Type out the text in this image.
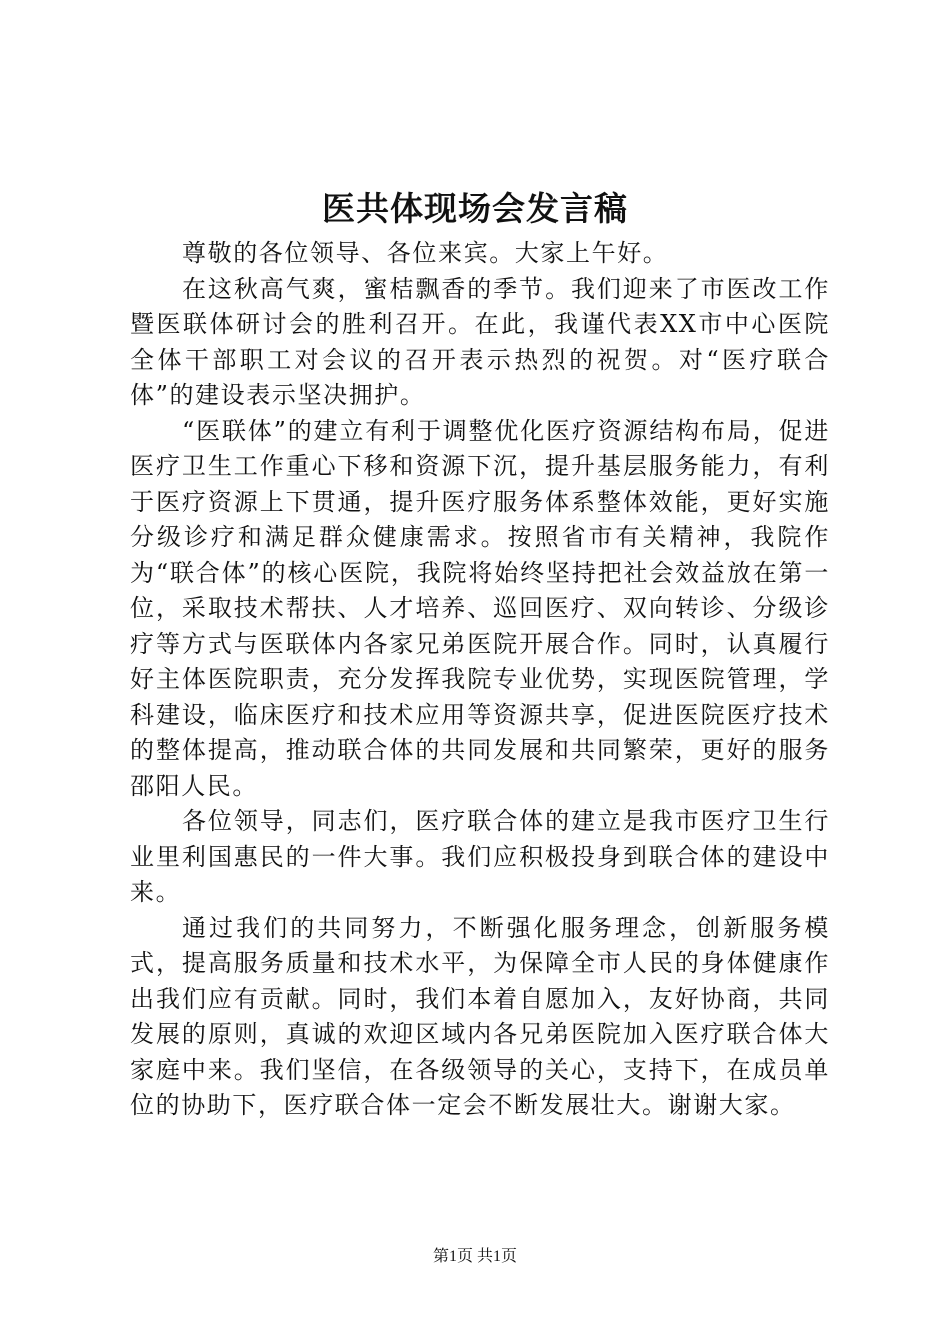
医共体现场会发言稿

尊敬的各位领导、各位来宾。大家上午好。

在这秋高气爽，蜜桔飘香的季节。我们迎来了市医改工作暨医联体研讨会的胜利召开。在此，我谨代表XX市中心医院全体干部职工对会议的召开表示热烈的祝贺。对“医疗联合体”的建设表示坚决拥护。

“医联体”的建立有利于调整优化医疗资源结构布局，促进医疗卫生工作重心下移和资源下沉，提升基层服务能力，有利于医疗资源上下贯通，提升医疗服务体系整体效能，更好实施分级诊疗和满足群众健康需求。按照省市有关精神，我院作为“联合体”的核心医院，我院将始终坚持把社会效益放在第一位，采取技术帮扶、人才培养、巡回医疗、双向转诊、分级诊疗等方式与医联体内各家兄弟医院开展合作。同时，认真履行好主体医院职责，充分发挥我院专业优势，实现医院管理，学科建设，临床医疗和技术应用等资源共享，促进医院医疗技术的整体提高，推动联合体的共同发展和共同繁荣，更好的服务邵阳人民。

各位领导，同志们，医疗联合体的建立是我市医疗卫生行业里利国惠民的一件大事。我们应积极投身到联合体的建设中来。

通过我们的共同努力，不断强化服务理念，创新服务模式，提高服务质量和技术水平，为保障全市人民的身体健康作出我们应有贡献。同时，我们本着自愿加入，友好协商，共同发展的原则，真诚的欢迎区域内各兄弟医院加入医疗联合体大家庭中来。我们坚信，在各级领导的关心，支持下，在成员单位的协助下，医疗联合体一定会不断发展壮大。谢谢大家。

第1页 共1页
